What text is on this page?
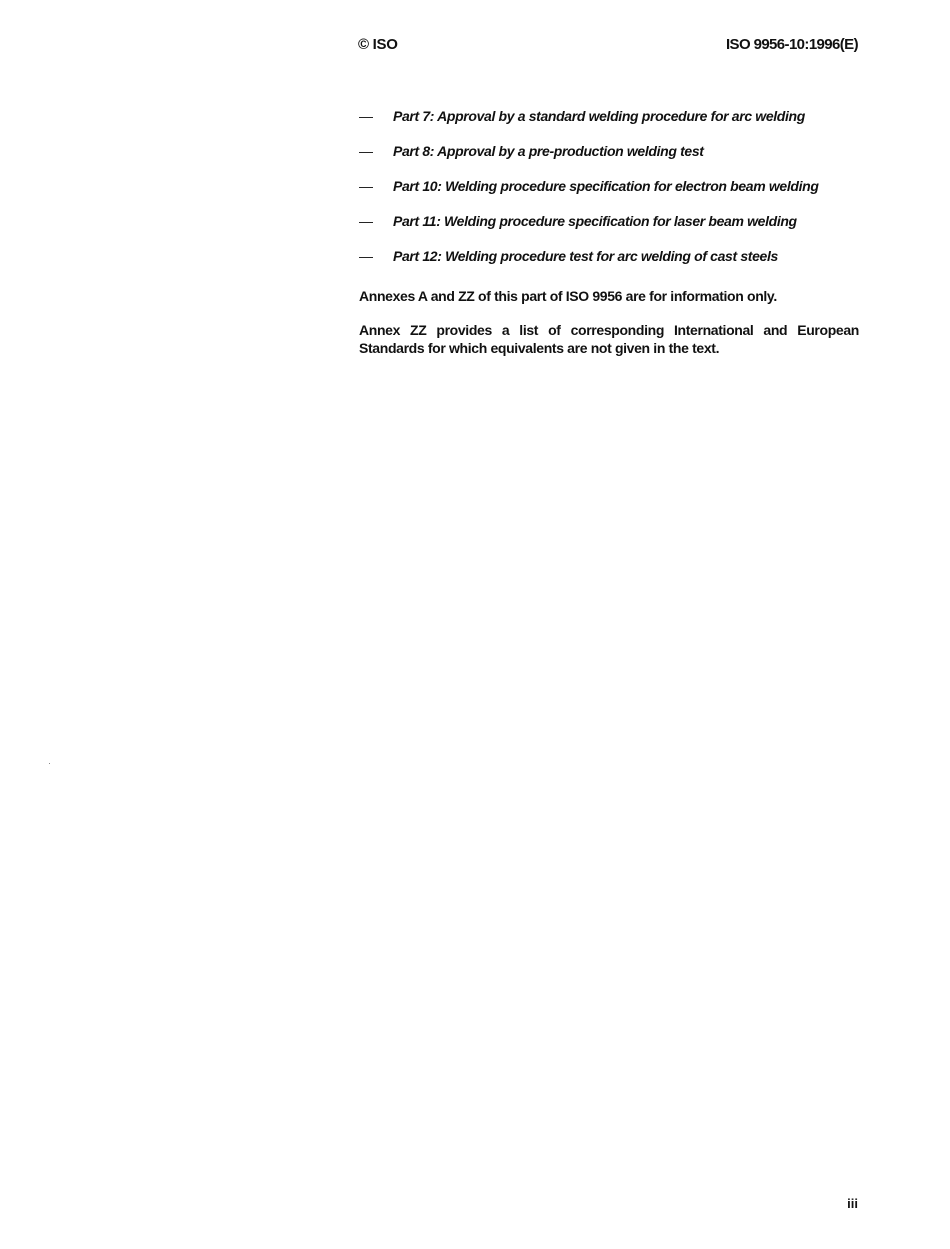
© ISO	ISO 9956-10:1996(E)
—	Part 7: Approval by a standard welding procedure for arc welding
—	Part 8: Approval by a pre-production welding test
—	Part 10: Welding procedure specification for electron beam welding
—	Part 11: Welding procedure specification for laser beam welding
—	Part 12: Welding procedure test for arc welding of cast steels

Annexes A and ZZ of this part of ISO 9956 are for information only.

Annex ZZ provides a list of corresponding International and European Standards for which equivalents are not given in the text.

iii
